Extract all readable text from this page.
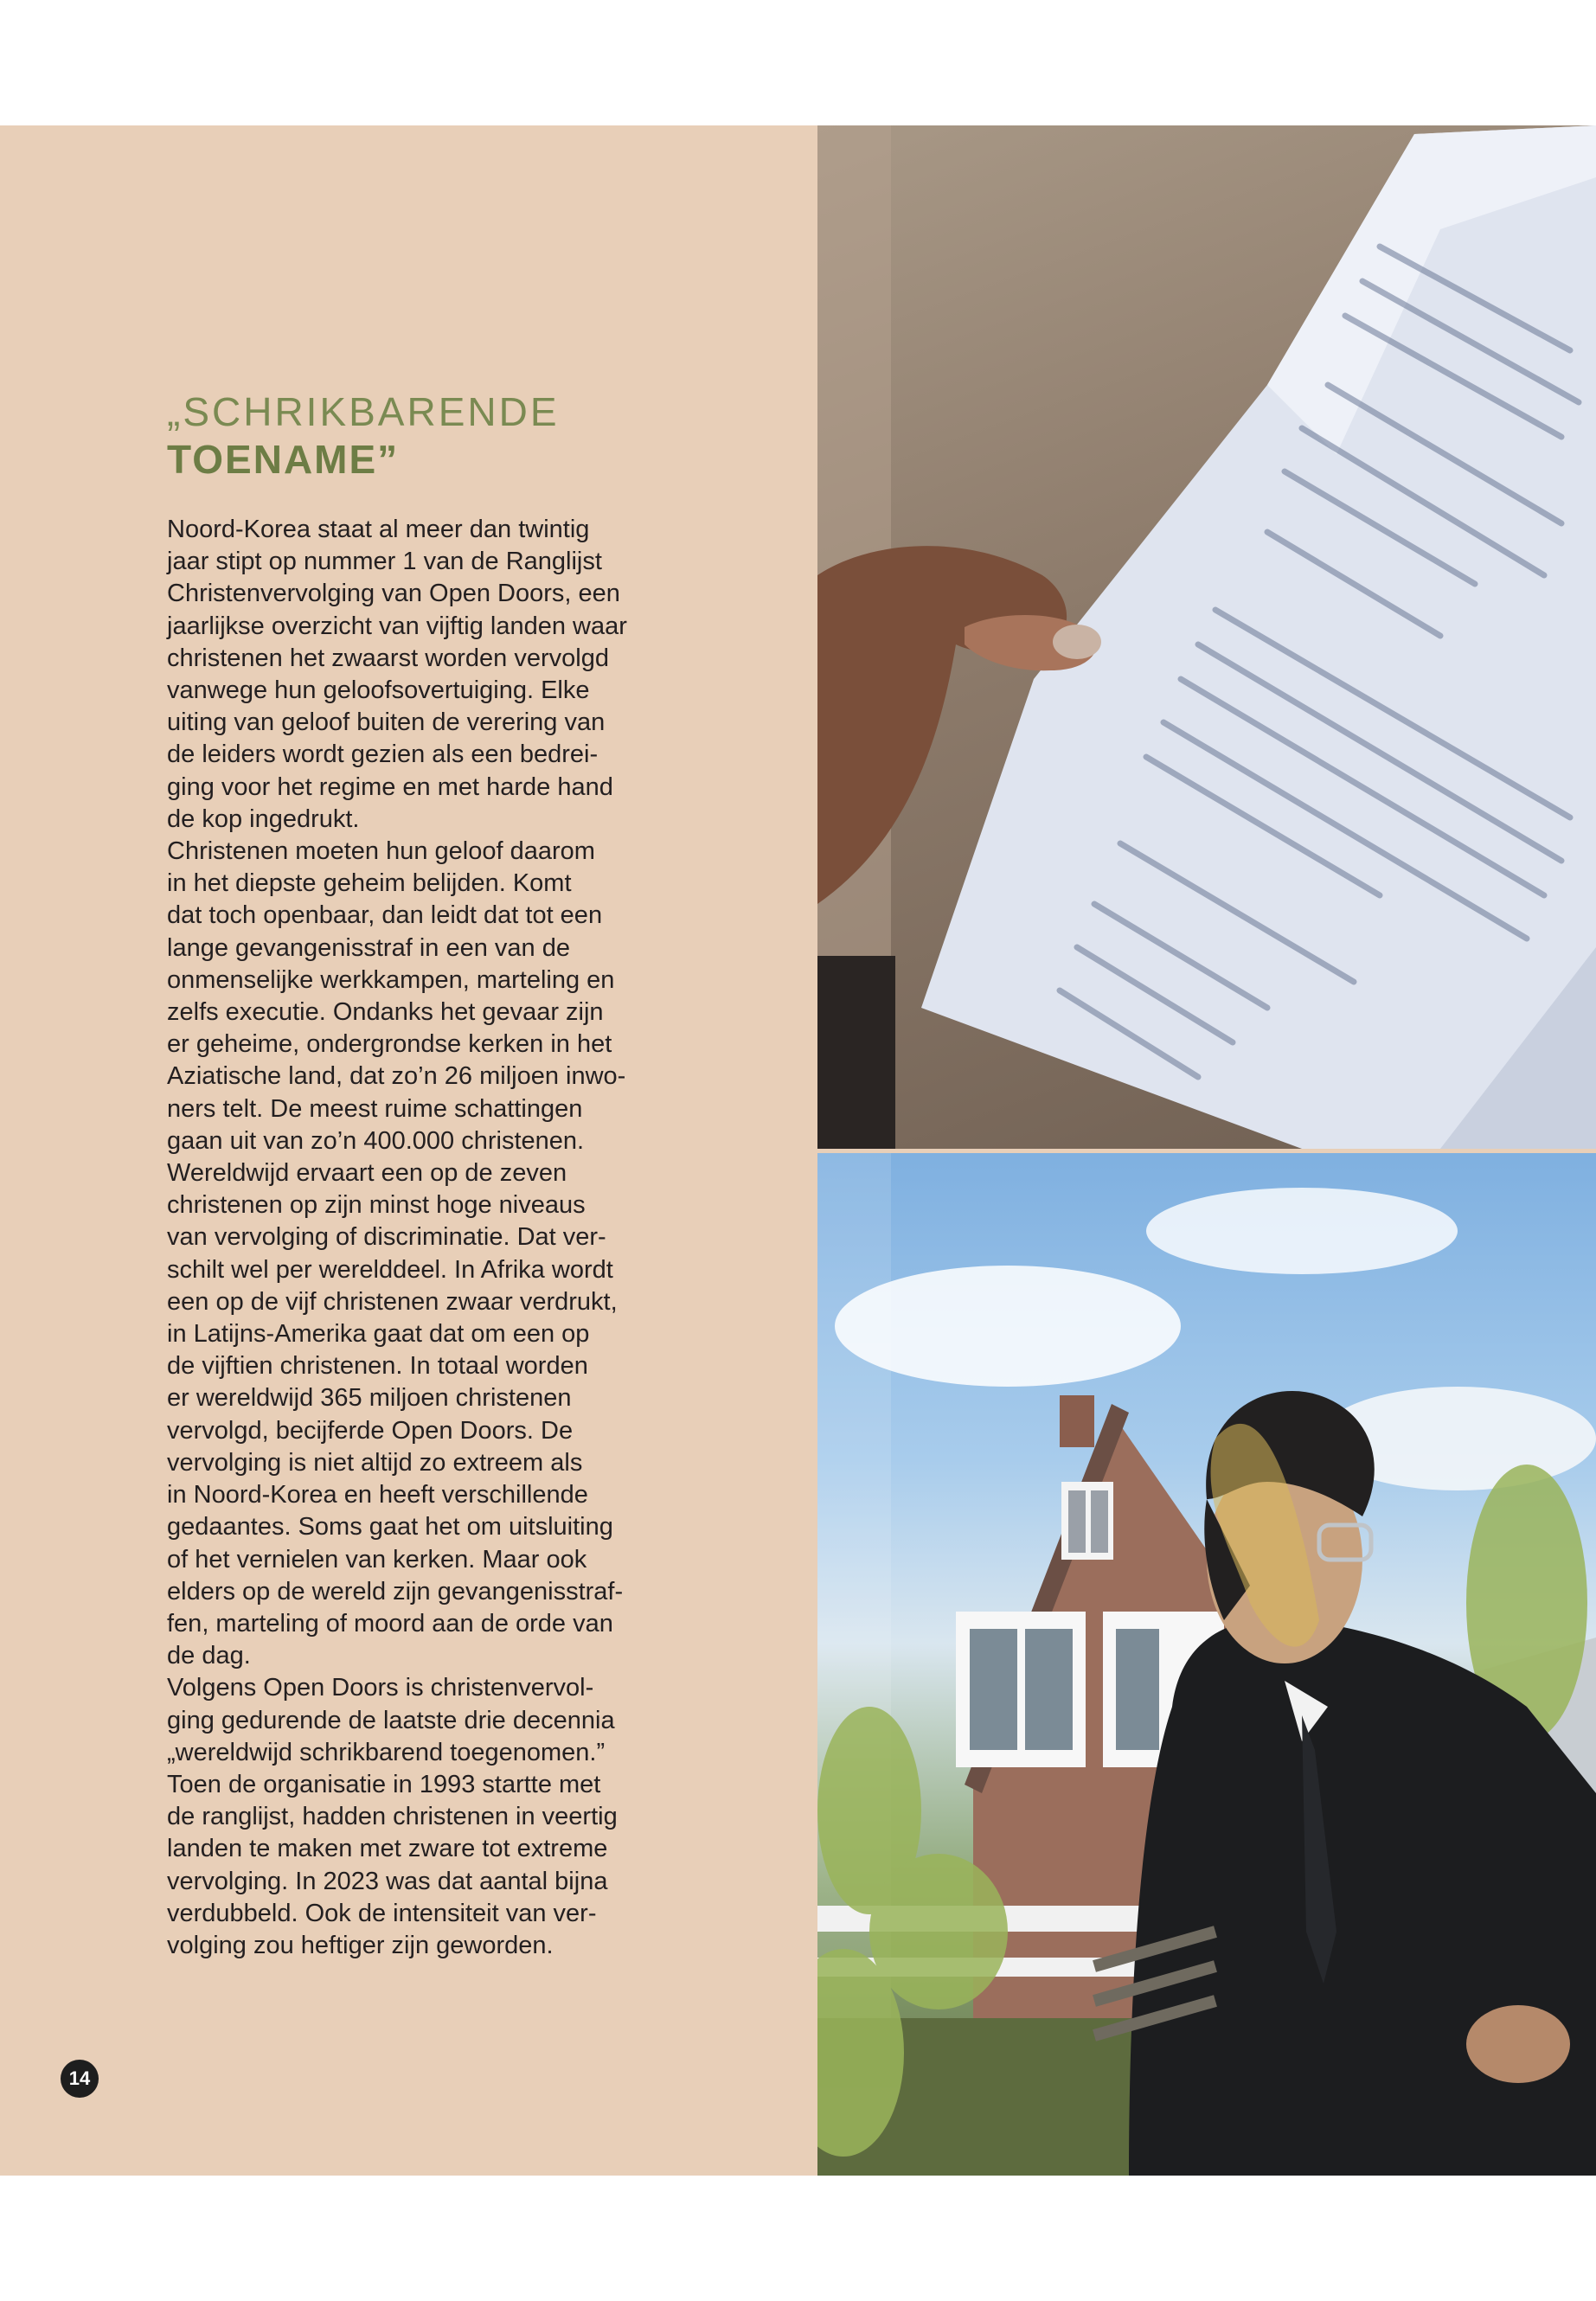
„SCHRIKBARENDE
TOENAME”

Noord-Korea staat al meer dan twintig
jaar stipt op nummer 1 van de Ranglijst
Christenvervolging van Open Doors, een
jaarlijkse overzicht van vijftig landen waar
christenen het zwaarst worden vervolgd
vanwege hun geloofsovertuiging. Elke
uiting van geloof buiten de verering van
de leiders wordt gezien als een bedrei-
ging voor het regime en met harde hand
de kop ingedrukt.

Christenen moeten hun geloof daarom
in het diepste geheim belijden. Komt
dat toch openbaar, dan leidt dat tot een
lange gevangenisstraf in een van de
onmenselijke werkkampen, marteling en
zelfs executie. Ondanks het gevaar zijn
er geheime, ondergrondse kerken in het
Aziatische land, dat zo’n 26 miljoen inwo-
ners telt. De meest ruime schattingen
gaan uit van zo’n 400.000 christenen.
Wereldwijd ervaart een op de zeven
christenen op zijn minst hoge niveaus
van vervolging of discriminatie. Dat ver-
schilt wel per werelddeel. In Afrika wordt
een op de vijf christenen zwaar verdrukt,
in Latijns-Amerika gaat dat om een op
de vijftien christenen. In totaal worden
er wereldwijd 365 miljoen christenen
vervolgd, becijferde Open Doors. De
vervolging is niet altijd zo extreem als
in Noord-Korea en heeft verschillende
gedaantes. Soms gaat het om uitsluiting
of het vernielen van kerken. Maar ook
elders op de wereld zijn gevangenisstraf-
fen, marteling of moord aan de orde van
de dag.

Volgens Open Doors is christenvervol-
ging gedurende de laatste drie decennia
„wereldwijd schrikbarend toegenomen.”
Toen de organisatie in 1993 startte met
de ranglijst, hadden christenen in veertig
landen te maken met zware tot extreme
vervolging. In 2023 was dat aantal bijna
verdubbeld. Ook de intensiteit van ver-
volging zou heftiger zijn geworden.

14
